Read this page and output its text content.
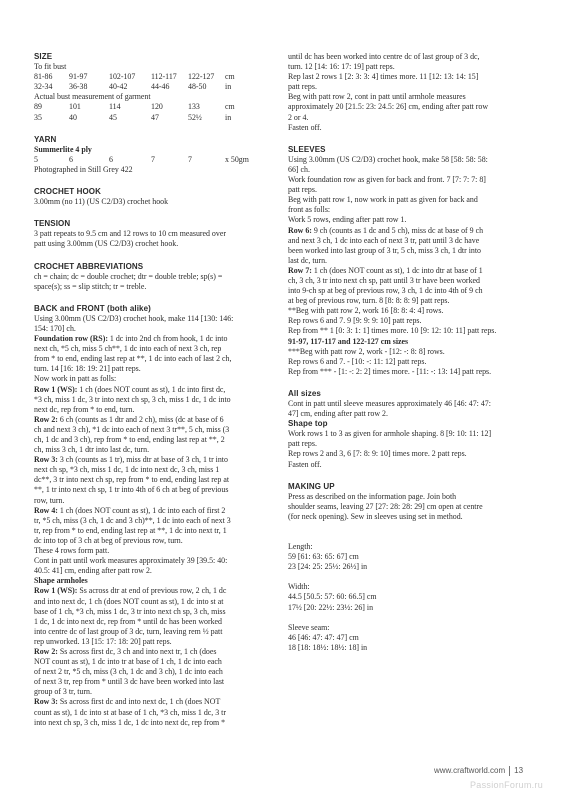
SIZE
To fit bust
81-86	91-97	102-107	112-117	122-127	cm
32-34	36-38	40-42	44-46	48-50	in
Actual bust measurement of garment
89	101	114	120	133	cm
35	40	45	47	52½	in
YARN
Summerlite 4 ply
5	6	6	7	7	x 50gm
Photographed in Still Grey 422
CROCHET HOOK
3.00mm (no 11) (US C2/D3) crochet hook
TENSION
3 patt repeats to 9.5 cm and 12 rows to 10 cm measured over
patt using 3.00mm (US C2/D3) crochet hook.
CROCHET ABBREVIATIONS
ch = chain; dc = double crochet; dtr = double treble; sp(s) =
space(s); ss = slip stitch; tr = treble.
BACK and FRONT (both alike)
Using 3.00mm (US C2/D3) crochet hook, make 114 [130: 146:
154: 170] ch.
Foundation row (RS): 1 dc into 2nd ch from hook, 1 dc into
next ch, *5 ch, miss 5 ch**, 1 dc into each of next 3 ch, rep
from * to end, ending last rep at **, 1 dc into each of last 2 ch,
turn. 14 [16: 18: 19: 21] patt reps.
Now work in patt as folls:
Row 1 (WS): 1 ch (does NOT count as st), 1 dc into first dc,
*3 ch, miss 1 dc, 3 tr into next ch sp, 3 ch, miss 1 dc, 1 dc into
next dc, rep from * to end, turn.
Row 2: 6 ch (counts as 1 dtr and 2 ch), miss (dc at base of 6
ch and next 3 ch), *1 dc into each of next 3 tr**, 5 ch, miss (3
ch, 1 dc and 3 ch), rep from * to end, ending last rep at **, 2
ch, miss 3 ch, 1 dtr into last dc, turn.
Row 3: 3 ch (counts as 1 tr), miss dtr at base of 3 ch, 1 tr into
next ch sp, *3 ch, miss 1 dc, 1 dc into next dc, 3 ch, miss 1
dc**, 3 tr into next ch sp, rep from * to end, ending last rep at
**, 1 tr into next ch sp, 1 tr into 4th of 6 ch at beg of previous
row, turn.
Row 4: 1 ch (does NOT count as st), 1 dc into each of first 2
tr, *5 ch, miss (3 ch, 1 dc and 3 ch)**, 1 dc into each of next 3
tr, rep from * to end, ending last rep at **, 1 dc into next tr, 1
dc into top of 3 ch at beg of previous row, turn.
These 4 rows form patt.
Cont in patt until work measures approximately 39 [39.5: 40:
40.5: 41] cm, ending after patt row 2.
Shape armholes
Row 1 (WS): Ss across dtr at end of previous row, 2 ch, 1 dc
and into next dc, 1 ch (does NOT count as st), 1 dc into st at
base of 1 ch, *3 ch, miss 1 dc, 3 tr into next ch sp, 3 ch, miss
1 dc, 1 dc into next dc, rep from * until dc has been worked
into centre dc of last group of 3 dc, turn, leaving rem ½ patt
rep unworked. 13 [15: 17: 18: 20] patt reps.
Row 2: Ss across first dc, 3 ch and into next tr, 1 ch (does
NOT count as st), 1 dc into tr at base of 1 ch, 1 dc into each
of next 2 tr, *5 ch, miss (3 ch, 1 dc and 3 ch), 1 dc into each
of next 3 tr, rep from * until 3 dc have been worked into last
group of 3 tr, turn.
Row 3: Ss across first dc and into next dc, 1 ch (does NOT
count as st), 1 dc into st at base of 1 ch, *3 ch, miss 1 dc, 3 tr
into next ch sp, 3 ch, miss 1 dc, 1 dc into next dc, rep from *
until dc has been worked into centre dc of last group of 3 dc,
turn. 12 [14: 16: 17: 19] patt reps.
Rep last 2 rows 1 [2: 3: 3: 4] times more. 11 [12: 13: 14: 15]
patt reps.
Beg with patt row 2, cont in patt until armhole measures
approximately 20 [21.5: 23: 24.5: 26] cm, ending after patt row
2 or 4.
Fasten off.
SLEEVES
Using 3.00mm (US C2/D3) crochet hook, make 58 [58: 58: 58:
66] ch.
Work foundation row as given for back and front. 7 [7: 7: 7: 8]
patt reps.
Beg with patt row 1, now work in patt as given for back and
front as folls:
Work 5 rows, ending after patt row 1.
Row 6: 9 ch (counts as 1 dc and 5 ch), miss dc at base of 9 ch
and next 3 ch, 1 dc into each of next 3 tr, patt until 3 dc have
been worked into last group of 3 tr, 5 ch, miss 3 ch, 1 dtr into
last dc, turn.
Row 7: 1 ch (does NOT count as st), 1 dc into dtr at base of 1
ch, 3 ch, 3 tr into next ch sp, patt until 3 tr have been worked
into 9-ch sp at beg of previous row, 3 ch, 1 dc into 4th of 9 ch
at beg of previous row, turn. 8 [8: 8: 8: 9] patt reps.
**Beg with patt row 2, work 16 [8: 8: 4: 4] rows.
Rep rows 6 and 7. 9 [9: 9: 9: 10] patt reps.
Rep from ** 1 [0: 3: 1: 1] times more. 10 [9: 12: 10: 11] patt reps.
91-97, 117-117 and 122-127 cm sizes
***Beg with patt row 2, work - [12: -: 8: 8] rows.
Rep rows 6 and 7. - [10: -: 11: 12] patt reps.
Rep from *** - [1: -: 2: 2] times more. - [11: -: 13: 14] patt reps.
All sizes
Cont in patt until sleeve measures approximately 46 [46: 47: 47:
47] cm, ending after patt row 2.
Shape top
Work rows 1 to 3 as given for armhole shaping. 8 [9: 10: 11: 12]
patt reps.
Rep rows 2 and 3, 6 [7: 8: 9: 10] times more. 2 patt reps.
Fasten off.
MAKING UP
Press as described on the information page. Join both
shoulder seams, leaving 27 [27: 28: 28: 29] cm open at centre
(for neck opening). Sew in sleeves using set in method.
Length:
59 [61: 63: 65: 67] cm
23 [24: 25: 25½: 26½] in
Width:
44.5 [50.5: 57: 60: 66.5] cm
17½ [20: 22½: 23½: 26] in
Sleeve seam:
46 [46: 47: 47: 47] cm
18 [18: 18½: 18½: 18] in
www.craftworld.com 13
PassionForum.ru
